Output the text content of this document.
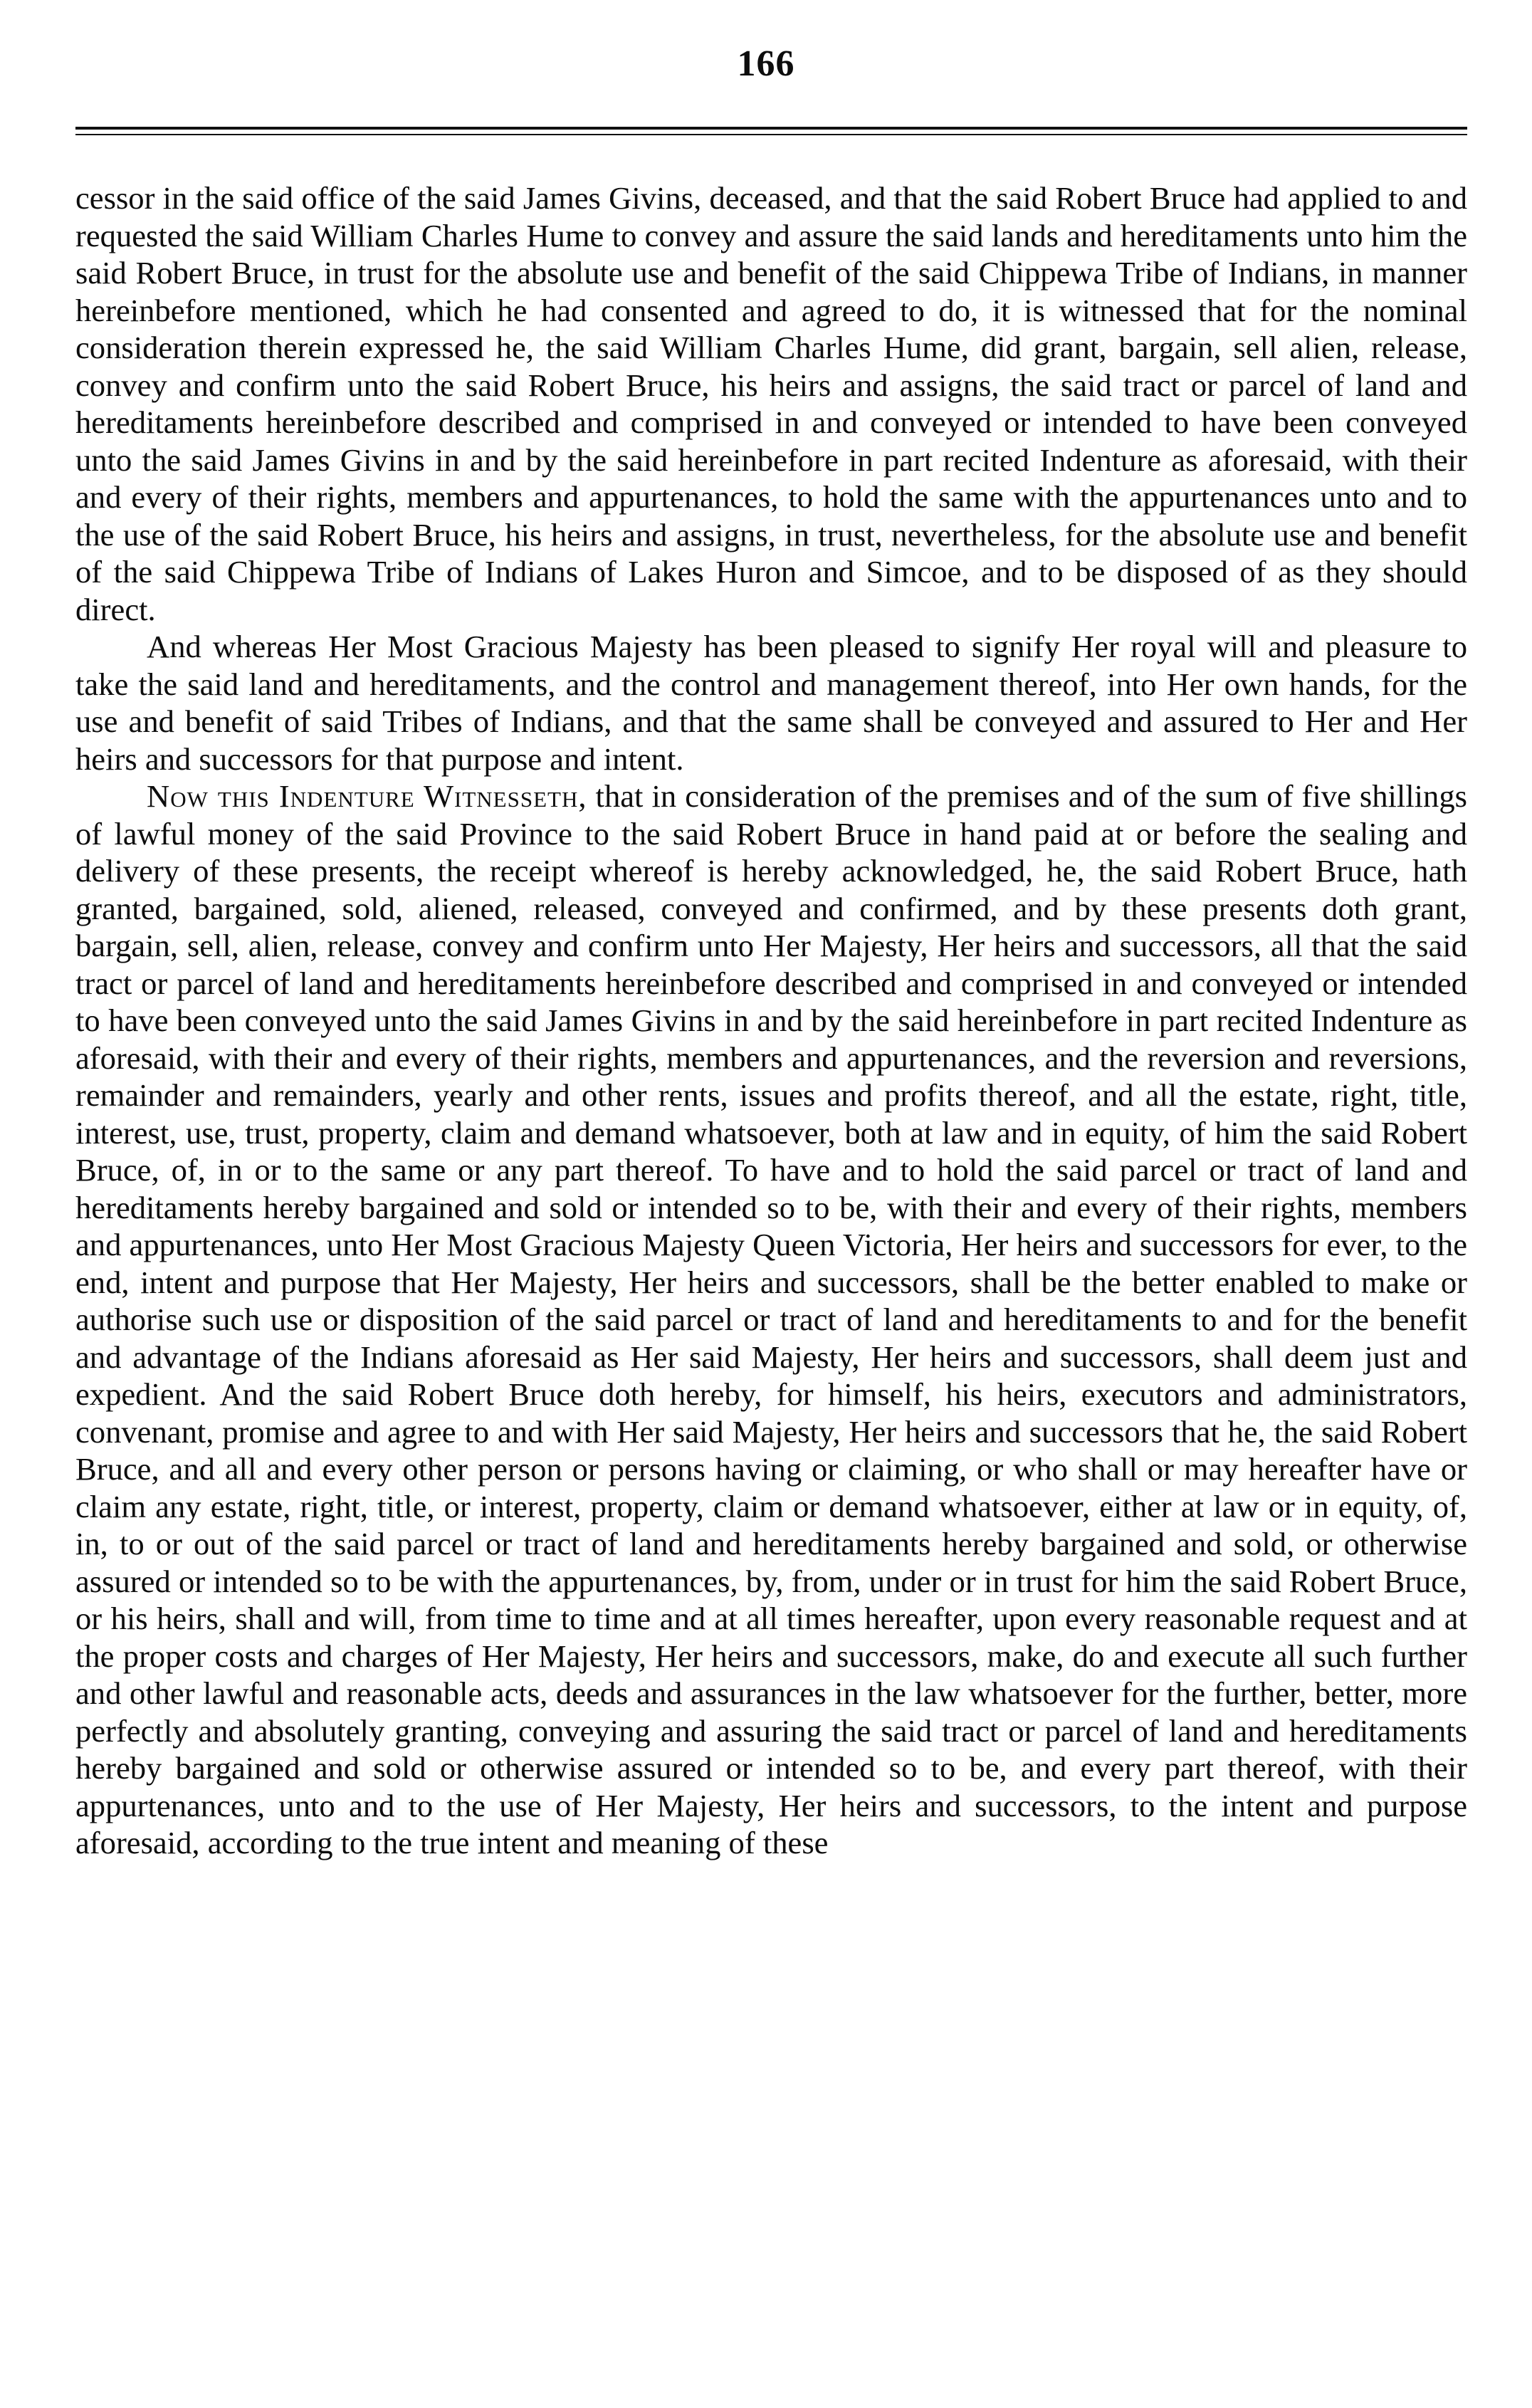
166

cessor in the said office of the said James Givins, deceased, and that the said Robert Bruce had applied to and requested the said William Charles Hume to convey and assure the said lands and hereditaments unto him the said Robert Bruce, in trust for the absolute use and benefit of the said Chippewa Tribe of Indians, in manner hereinbefore mentioned, which he had consented and agreed to do, it is witnessed that for the nominal consideration therein expressed he, the said William Charles Hume, did grant, bargain, sell alien, release, convey and confirm unto the said Robert Bruce, his heirs and assigns, the said tract or parcel of land and hereditaments hereinbefore described and comprised in and conveyed or intended to have been conveyed unto the said James Givins in and by the said hereinbefore in part recited Indenture as aforesaid, with their and every of their rights, members and appurtenances, to hold the same with the appurtenances unto and to the use of the said Robert Bruce, his heirs and assigns, in trust, nevertheless, for the absolute use and benefit of the said Chippewa Tribe of Indians of Lakes Huron and Simcoe, and to be disposed of as they should direct.

And whereas Her Most Gracious Majesty has been pleased to signify Her royal will and pleasure to take the said land and hereditaments, and the control and management thereof, into Her own hands, for the use and benefit of said Tribes of Indians, and that the same shall be conveyed and assured to Her and Her heirs and successors for that purpose and intent.

Now this Indenture Witnesseth, that in consideration of the premises and of the sum of five shillings of lawful money of the said Province to the said Robert Bruce in hand paid at or before the sealing and delivery of these presents, the receipt whereof is hereby acknowledged, he, the said Robert Bruce, hath granted, bargained, sold, aliened, released, conveyed and confirmed, and by these presents doth grant, bargain, sell, alien, release, convey and confirm unto Her Majesty, Her heirs and successors, all that the said tract or parcel of land and hereditaments hereinbefore described and comprised in and conveyed or intended to have been conveyed unto the said James Givins in and by the said hereinbefore in part recited Indenture as aforesaid, with their and every of their rights, members and appurtenances, and the reversion and reversions, remainder and remainders, yearly and other rents, issues and profits thereof, and all the estate, right, title, interest, use, trust, property, claim and demand whatsoever, both at law and in equity, of him the said Robert Bruce, of, in or to the same or any part thereof. To have and to hold the said parcel or tract of land and hereditaments hereby bargained and sold or intended so to be, with their and every of their rights, members and appurtenances, unto Her Most Gracious Majesty Queen Victoria, Her heirs and successors for ever, to the end, intent and purpose that Her Majesty, Her heirs and successors, shall be the better enabled to make or authorise such use or disposition of the said parcel or tract of land and hereditaments to and for the benefit and advantage of the Indians aforesaid as Her said Majesty, Her heirs and successors, shall deem just and expedient. And the said Robert Bruce doth hereby, for himself, his heirs, executors and administrators, convenant, promise and agree to and with Her said Majesty, Her heirs and successors that he, the said Robert Bruce, and all and every other person or persons having or claiming, or who shall or may hereafter have or claim any estate, right, title, or interest, property, claim or demand whatsoever, either at law or in equity, of, in, to or out of the said parcel or tract of land and hereditaments hereby bargained and sold, or otherwise assured or intended so to be with the appurtenances, by, from, under or in trust for him the said Robert Bruce, or his heirs, shall and will, from time to time and at all times hereafter, upon every reasonable request and at the proper costs and charges of Her Majesty, Her heirs and successors, make, do and execute all such further and other lawful and reasonable acts, deeds and assurances in the law whatsoever for the further, better, more perfectly and absolutely granting, conveying and assuring the said tract or parcel of land and hereditaments hereby bargained and sold or otherwise assured or intended so to be, and every part thereof, with their appurtenances, unto and to the use of Her Majesty, Her heirs and successors, to the intent and purpose aforesaid, according to the true intent and meaning of these
